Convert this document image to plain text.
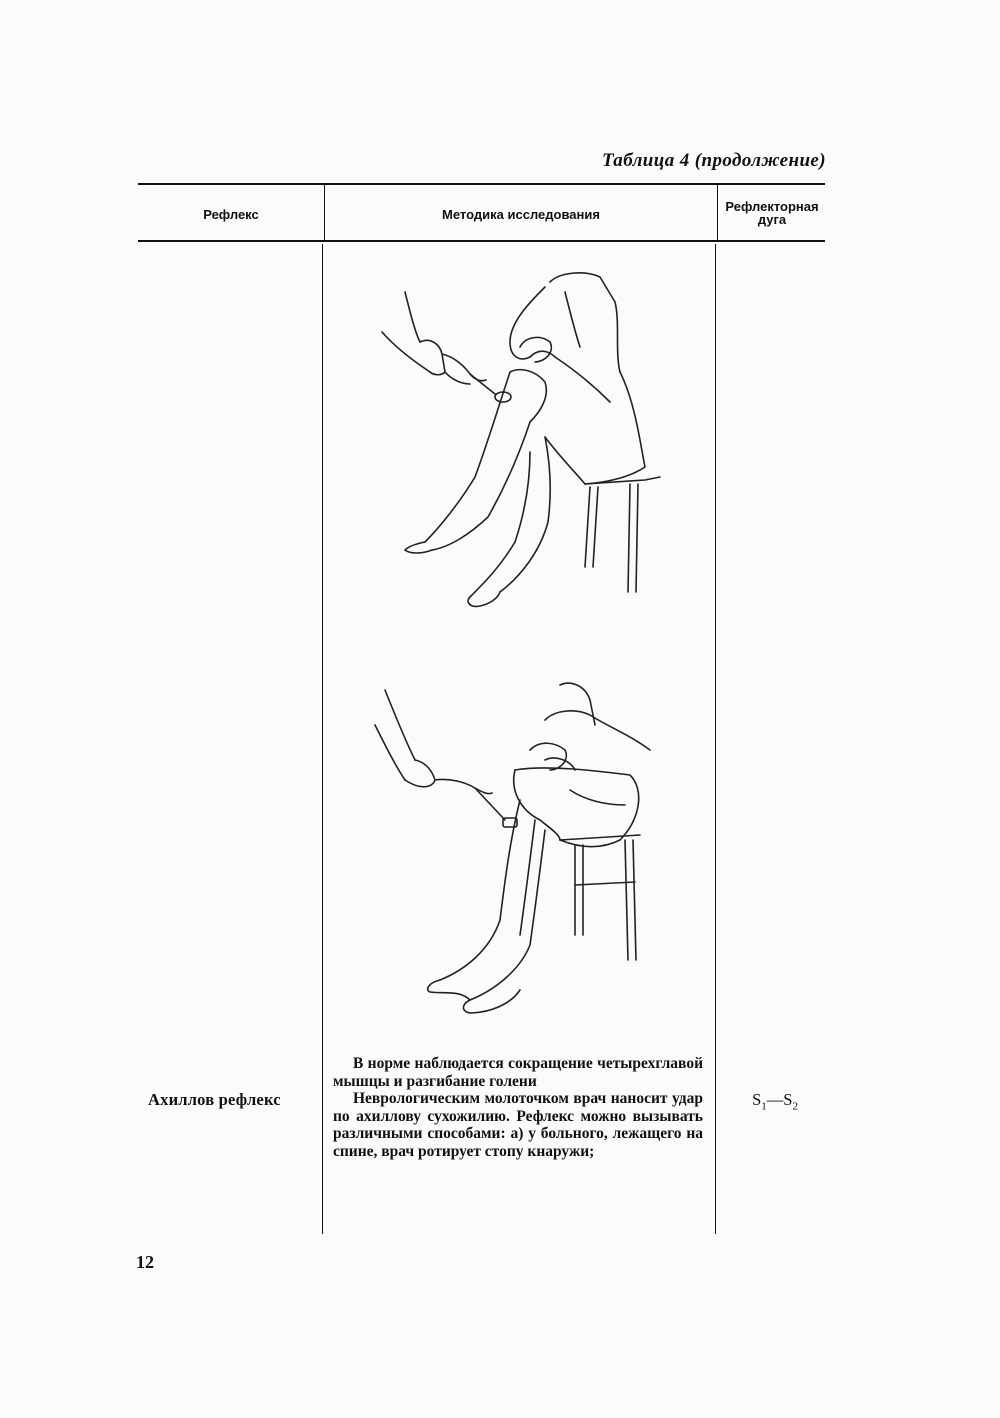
Таблица 4 (продолжение)
Рефлекс	Методика исследования
Рефлекторная
дуга

В норме наблюдается сокращение четырехглавой мышцы и разгибание голени

Неврологическим молоточком врач наносит удар по ахиллову сухожилию. Рефлекс можно вызывать различными способами: а) у больного, лежащего на спине, врач ротирует стопу кнаружи;

Ахиллов рефлекс	$S_1—S_2$
12
